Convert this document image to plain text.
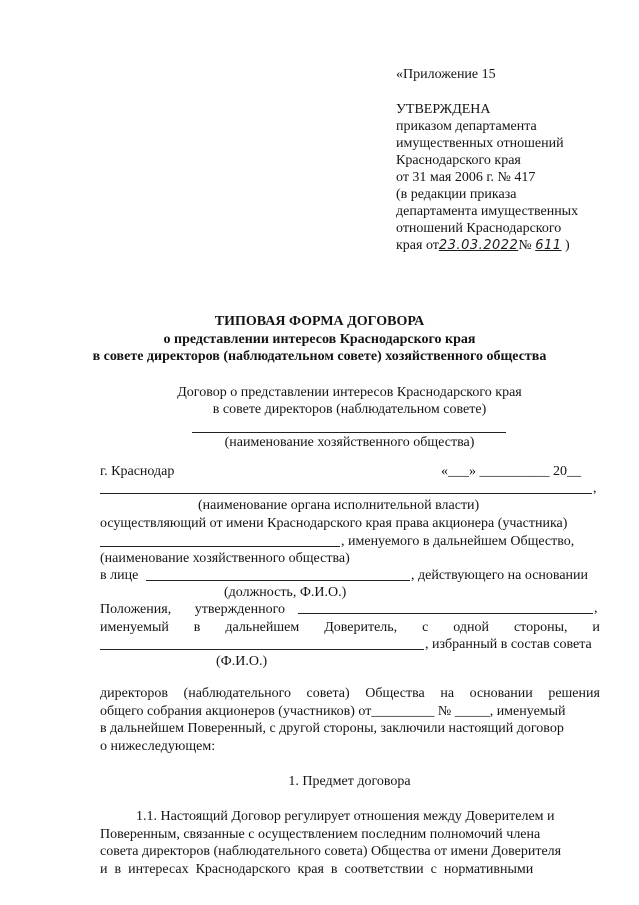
«Приложение 15
УТВЕРЖДЕНА
приказом департамента
имущественных отношений
Краснодарского края
от 31 мая 2006 г. № 417
(в редакции приказа
департамента имущественных
отношений Краснодарского
края от23.03.2022№ 611 )
ТИПОВАЯ ФОРМА ДОГОВОРА
о представлении интересов Краснодарского края
в совете директоров (наблюдательном совете) хозяйственного общества
Договор о представлении интересов Краснодарского края
в совете директоров (наблюдательном совете)
(наименование хозяйственного общества)
г. Краснодар	«___» __________ 20__
,
(наименование органа исполнительной власти)
осуществляющий от имени Краснодарского края права акционера (участника)
, именуемого в дальнейшем Общество,
(наименование хозяйственного общества)
в лице	, действующего на основании
(должность, Ф.И.О.)
Положения, утвержденного	,
именуемый в дальнейшем Доверитель, с одной стороны, и
, избранный в состав совета
(Ф.И.О.)
директоров (наблюдательного совета) Общества на основании решения
общего собрания акционеров (участников) от_________ № _____, именуемый
в дальнейшем Поверенный, с другой стороны, заключили настоящий договор
о нижеследующем:
1. Предмет договора
1.1. Настоящий Договор регулирует отношения между Доверителем и
Поверенным, связанные с осуществлением последним полномочий члена
совета директоров (наблюдательного совета) Общества от имени Доверителя
и  в  интересах  Краснодарского  края  в  соответствии  с  нормативными
